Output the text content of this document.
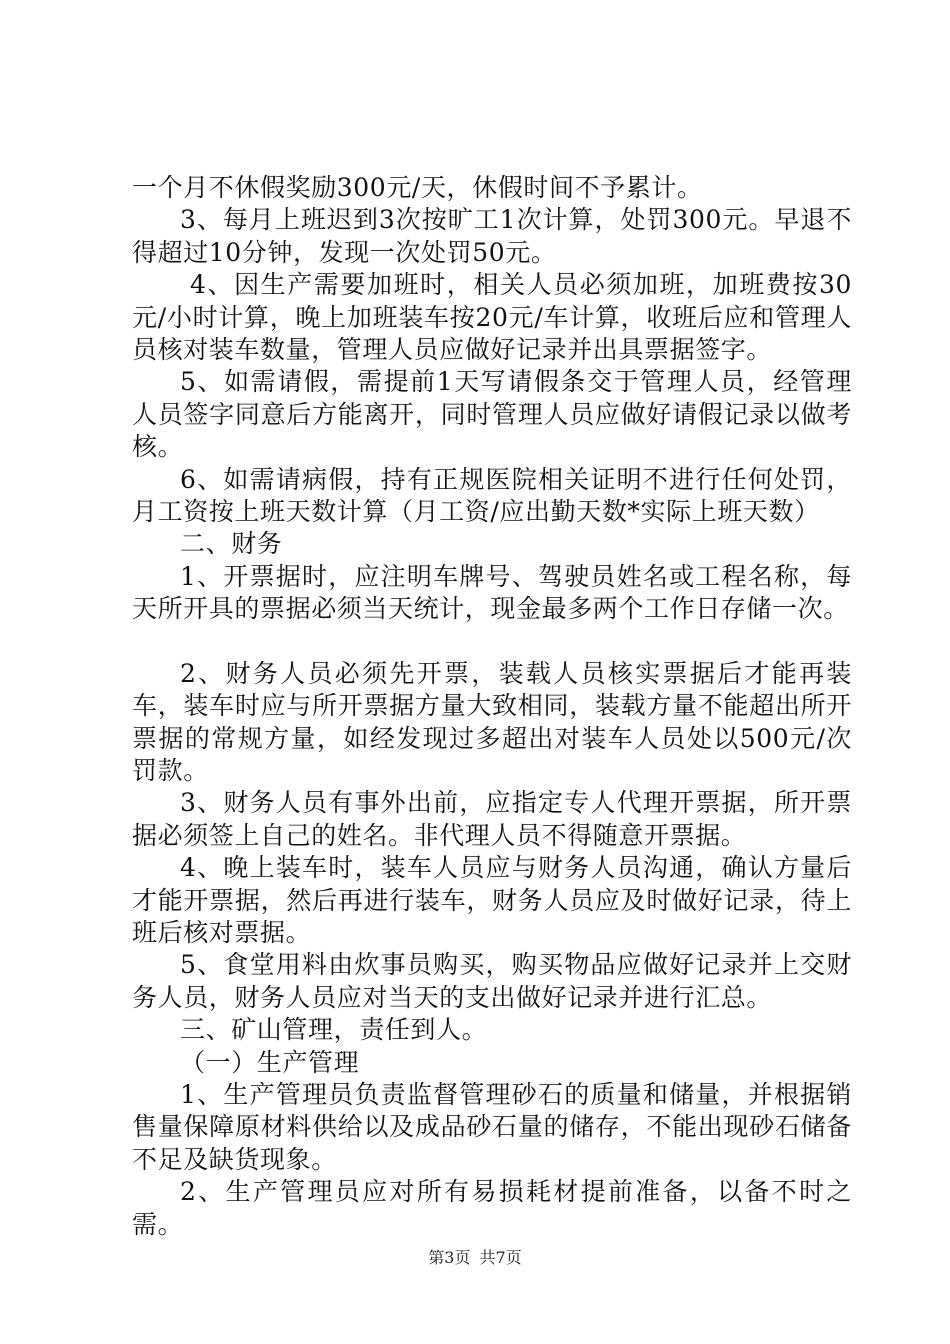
一个月不休假奖励300元/天，休假时间不予累计。

3、每月上班迟到3次按旷工1次计算，处罚300元。早退不得超过10分钟，发现一次处罚50元。

4、因生产需要加班时，相关人员必须加班，加班费按30元/小时计算，晚上加班装车按20元/车计算，收班后应和管理人员核对装车数量，管理人员应做好记录并出具票据签字。

5、如需请假，需提前1天写请假条交于管理人员，经管理人员签字同意后方能离开，同时管理人员应做好请假记录以做考核。

6、如需请病假，持有正规医院相关证明不进行任何处罚，月工资按上班天数计算（月工资/应出勤天数*实际上班天数）

二、财务

1、开票据时，应注明车牌号、驾驶员姓名或工程名称，每天所开具的票据必须当天统计，现金最多两个工作日存储一次。

2、财务人员必须先开票，装载人员核实票据后才能再装车，装车时应与所开票据方量大致相同，装载方量不能超出所开票据的常规方量，如经发现过多超出对装车人员处以500元/次罚款。

3、财务人员有事外出前，应指定专人代理开票据，所开票据必须签上自己的姓名。非代理人员不得随意开票据。

4、晚上装车时，装车人员应与财务人员沟通，确认方量后才能开票据，然后再进行装车，财务人员应及时做好记录，待上班后核对票据。

5、食堂用料由炊事员购买，购买物品应做好记录并上交财务人员，财务人员应对当天的支出做好记录并进行汇总。

三、矿山管理，责任到人。

（一）生产管理

1、生产管理员负责监督管理砂石的质量和储量，并根据销售量保障原材料供给以及成品砂石量的储存，不能出现砂石储备不足及缺货现象。

2、生产管理员应对所有易损耗材提前准备，以备不时之需。

第3页 共7页
